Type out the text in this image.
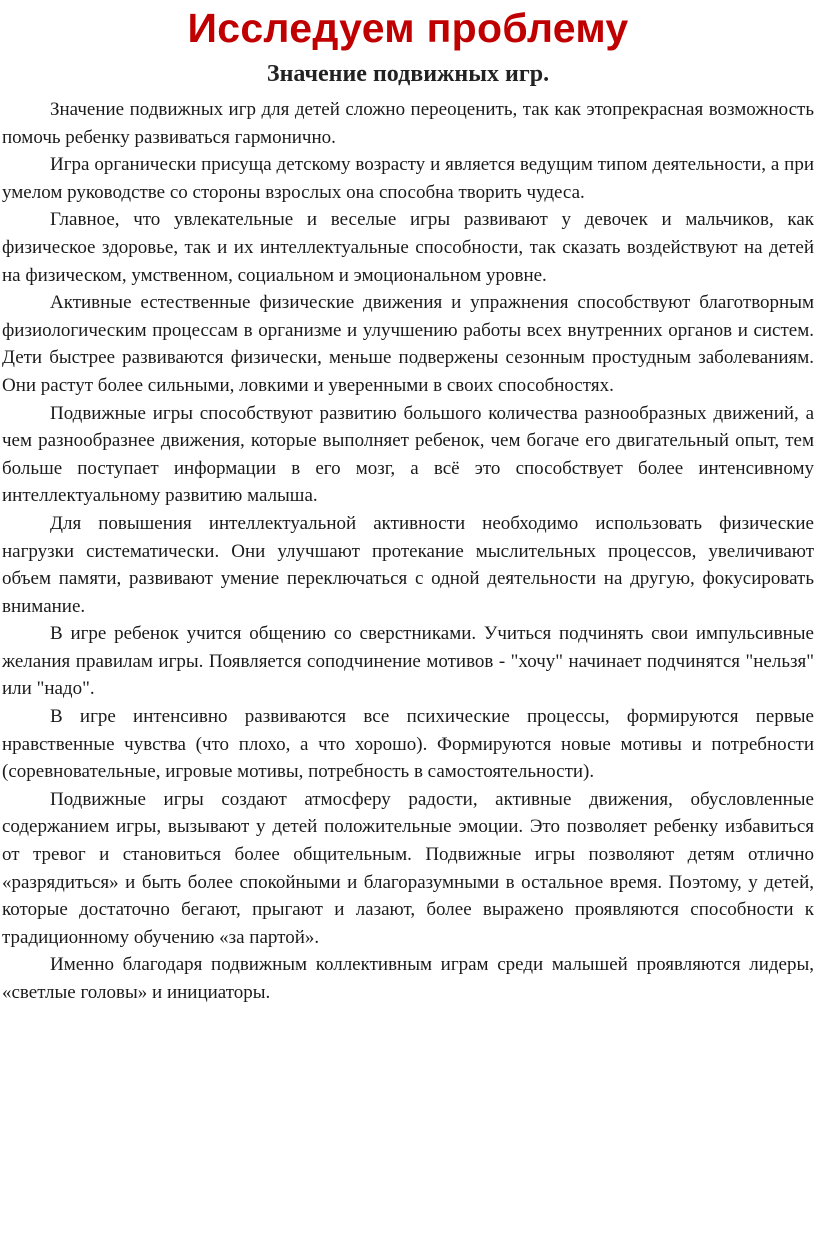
Исследуем проблему
Значение подвижных игр.

Значение подвижных игр для детей сложно переоценить, так как этопрекрасная возможность помочь ребенку развиваться гармонично.

Игра органически присуща детскому возрасту и является ведущим типом деятельности, а при умелом руководстве со стороны взрослых она способна творить чудеса.

Главное, что увлекательные и веселые игры развивают у девочек и мальчиков, как физическое здоровье, так и их интеллектуальные способности, так сказать воздействуют на детей на физическом, умственном, социальном и эмоциональном уровне.

Активные естественные физические движения и упражнения способствуют благотворным физиологическим процессам в организме и улучшению работы всех внутренних органов и систем. Дети быстрее развиваются физически, меньше подвержены сезонным простудным заболеваниям. Они растут более сильными, ловкими и уверенными в своих способностях.

Подвижные игры способствуют развитию большого количества разнообразных движений, а чем разнообразнее движения, которые выполняет ребенок, чем богаче его двигательный опыт, тем больше поступает информации в его мозг, а всё это способствует более интенсивному интеллектуальному развитию малыша.

Для повышения интеллектуальной активности необходимо использовать физические нагрузки систематически. Они улучшают протекание мыслительных процессов, увеличивают объем памяти, развивают умение переключаться с одной деятельности на другую, фокусировать внимание.

В игре ребенок учится общению со сверстниками. Учиться подчинять свои импульсивные желания правилам игры. Появляется соподчинение мотивов - "хочу" начинает подчинятся "нельзя" или "надо".

В игре интенсивно развиваются все психические процессы, формируются первые нравственные чувства (что плохо, а что хорошо). Формируются новые мотивы и потребности (соревновательные, игровые мотивы, потребность в самостоятельности).

Подвижные игры создают атмосферу радости, активные движения, обусловленные содержанием игры, вызывают у детей положительные эмоции. Это позволяет ребенку избавиться от тревог и становиться более общительным. Подвижные игры позволяют детям отлично «разрядиться» и быть более спокойными и благоразумными в остальное время. Поэтому, у детей, которые достаточно бегают, прыгают и лазают, более выражено проявляются способности к традиционному обучению «за партой».

Именно благодаря подвижным коллективным играм среди малышей проявляются лидеры, «светлые головы» и инициаторы.
